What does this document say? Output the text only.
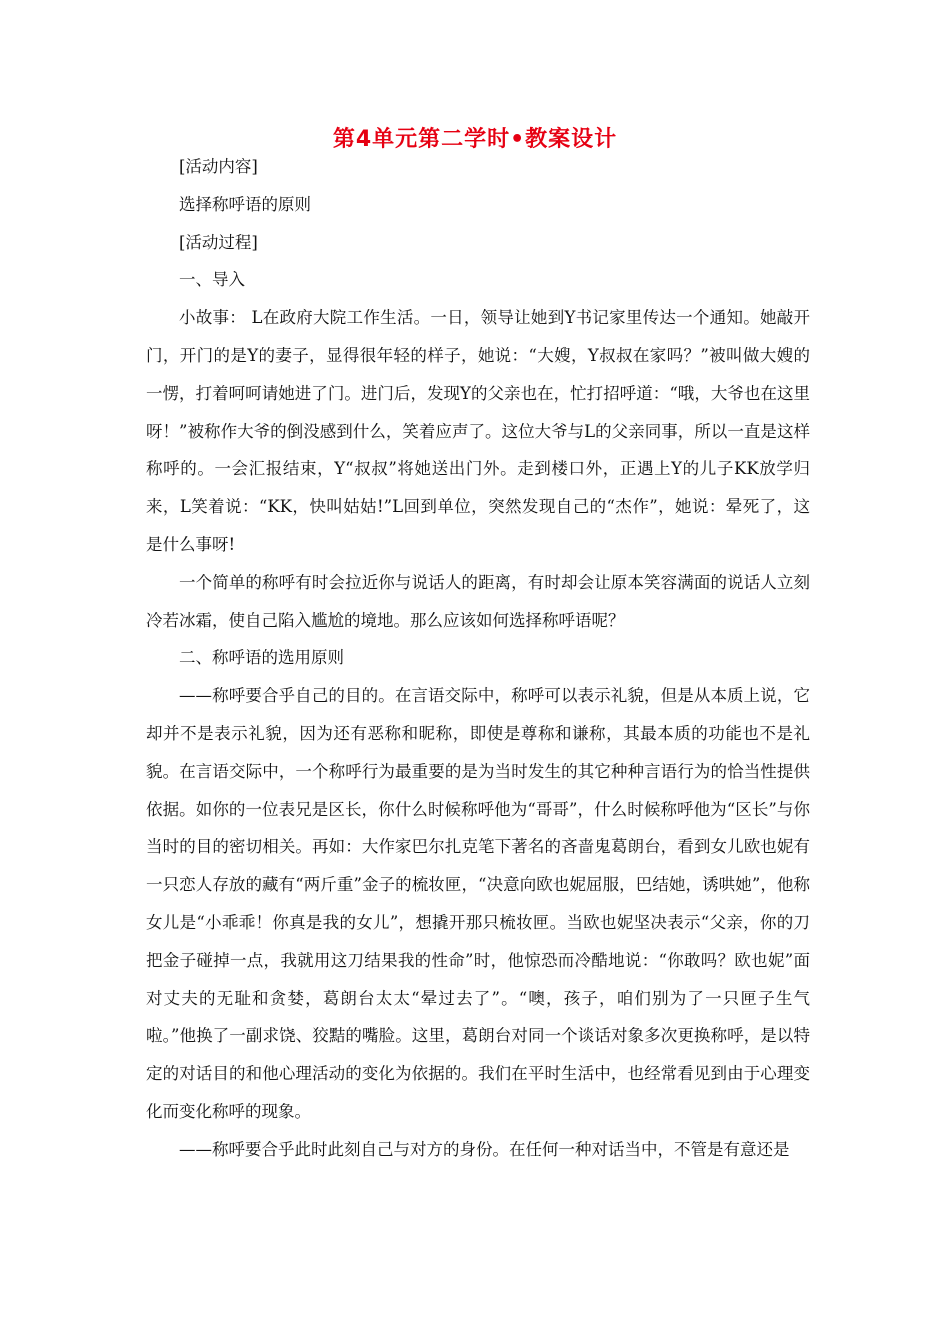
第4单元第二学时•教案设计

[活动内容]

选择称呼语的原则

[活动过程]

一、导入

小故事： L在政府大院工作生活。一日，领导让她到Y书记家里传达一个通知。她敲开门，开门的是Y的妻子，显得很年轻的样子，她说：“大嫂，Y叔叔在家吗？”被叫做大嫂的一愣，打着呵呵请她进了门。进门后，发现Y的父亲也在，忙打招呼道：“哦，大爷也在这里呀！”被称作大爷的倒没感到什么，笑着应声了。这位大爷与L的父亲同事，所以一直是这样称呼的。一会汇报结束，Y“叔叔”将她送出门外。走到楼口外，正遇上Y的儿子KK放学归来，L笑着说：“KK，快叫姑姑!”L回到单位，突然发现自己的“杰作”，她说：晕死了，这是什么事呀!

一个简单的称呼有时会拉近你与说话人的距离，有时却会让原本笑容满面的说话人立刻冷若冰霜，使自己陷入尴尬的境地。那么应该如何选择称呼语呢？

二、称呼语的选用原则

——称呼要合乎自己的目的。在言语交际中，称呼可以表示礼貌，但是从本质上说，它却并不是表示礼貌，因为还有恶称和昵称，即使是尊称和谦称，其最本质的功能也不是礼貌。在言语交际中，一个称呼行为最重要的是为当时发生的其它种种言语行为的恰当性提供依据。如你的一位表兄是区长，你什么时候称呼他为“哥哥”，什么时候称呼他为“区长”与你当时的目的密切相关。再如：大作家巴尔扎克笔下著名的吝啬鬼葛朗台，看到女儿欧也妮有一只恋人存放的藏有“两斤重”金子的梳妆匣，“决意向欧也妮屈服，巴结她，诱哄她”，他称女儿是“小乖乖！你真是我的女儿”，想撬开那只梳妆匣。当欧也妮坚决表示“父亲，你的刀把金子碰掉一点，我就用这刀结果我的性命”时，他惊恐而冷酷地说：“你敢吗？欧也妮”面对丈夫的无耻和贪婪，葛朗台太太“晕过去了”。“噢，孩子，咱们别为了一只匣子生气啦。”他换了一副求饶、狡黠的嘴脸。这里，葛朗台对同一个谈话对象多次更换称呼，是以特定的对话目的和他心理活动的变化为依据的。我们在平时生活中，也经常看见到由于心理变化而变化称呼的现象。

——称呼要合乎此时此刻自己与对方的身份。在任何一种对话当中，不管是有意还是
